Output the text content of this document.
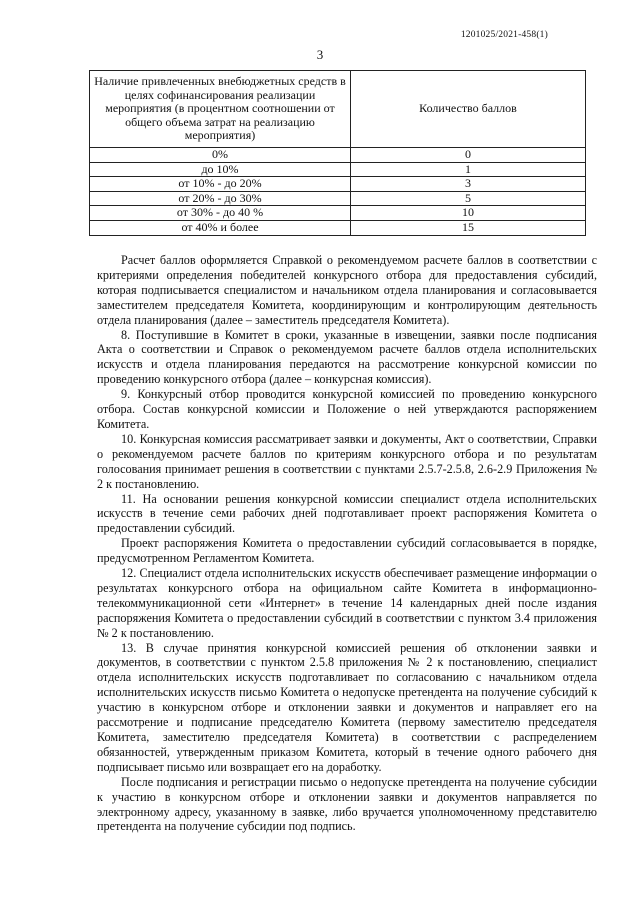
1201025/2021-458(1)
3
Наличие привлеченных внебюджетных средств в целях софинансирования реализации мероприятия (в процентном соотношении от общего объема затрат на реализацию мероприятия)	Количество баллов
0%	0
до 10%	1
от 10% - до 20%	3
от 20% - до 30%	5
от 30% - до 40 %	10
от 40% и более	15

Расчет баллов оформляется Справкой о рекомендуемом расчете баллов в соответствии с критериями определения победителей конкурсного отбора для предоставления субсидий, которая подписывается специалистом и начальником отдела планирования и согласовывается заместителем председателя Комитета, координирующим и контролирующим деятельность отдела планирования (далее – заместитель председателя Комитета).

8. Поступившие в Комитет в сроки, указанные в извещении, заявки после подписания Акта о соответствии и Справок о рекомендуемом расчете баллов отдела исполнительских искусств и отдела планирования передаются на рассмотрение конкурсной комиссии по проведению конкурсного отбора (далее – конкурсная комиссия).

9. Конкурсный отбор проводится конкурсной комиссией по проведению конкурсного отбора. Состав конкурсной комиссии и Положение о ней утверждаются распоряжением Комитета.

10. Конкурсная комиссия рассматривает заявки и документы, Акт о соответствии, Справки о рекомендуемом расчете баллов по критериям конкурсного отбора и по результатам голосования принимает решения в соответствии с пунктами 2.5.7-2.5.8, 2.6-2.9 Приложения № 2 к постановлению.

11. На основании решения конкурсной комиссии специалист отдела исполнительских искусств в течение семи рабочих дней подготавливает проект распоряжения Комитета о предоставлении субсидий.

Проект распоряжения Комитета о предоставлении субсидий согласовывается в порядке, предусмотренном Регламентом Комитета.

12. Специалист отдела исполнительских искусств обеспечивает размещение информации о результатах конкурсного отбора на официальном сайте Комитета в информационно-телекоммуникационной сети «Интернет» в течение 14 календарных дней после издания распоряжения Комитета о предоставлении субсидий в соответствии с пунктом 3.4 приложения № 2 к постановлению.

13. В случае принятия конкурсной комиссией решения об отклонении заявки и документов, в соответствии с пунктом 2.5.8 приложения № 2 к постановлению, специалист отдела исполнительских искусств подготавливает по согласованию с начальником отдела исполнительских искусств письмо Комитета о недопуске претендента на получение субсидий к участию в конкурсном отборе и отклонении заявки и документов и направляет его на рассмотрение и подписание председателю Комитета (первому заместителю председателя Комитета, заместителю председателя Комитета) в соответствии с распределением обязанностей, утвержденным приказом Комитета, который в течение одного рабочего дня подписывает письмо или возвращает его на доработку.

После подписания и регистрации письмо о недопуске претендента на получение субсидии к участию в конкурсном отборе и отклонении заявки и документов направляется по электронному адресу, указанному в заявке, либо вручается уполномоченному представителю претендента на получение субсидии под подпись.
